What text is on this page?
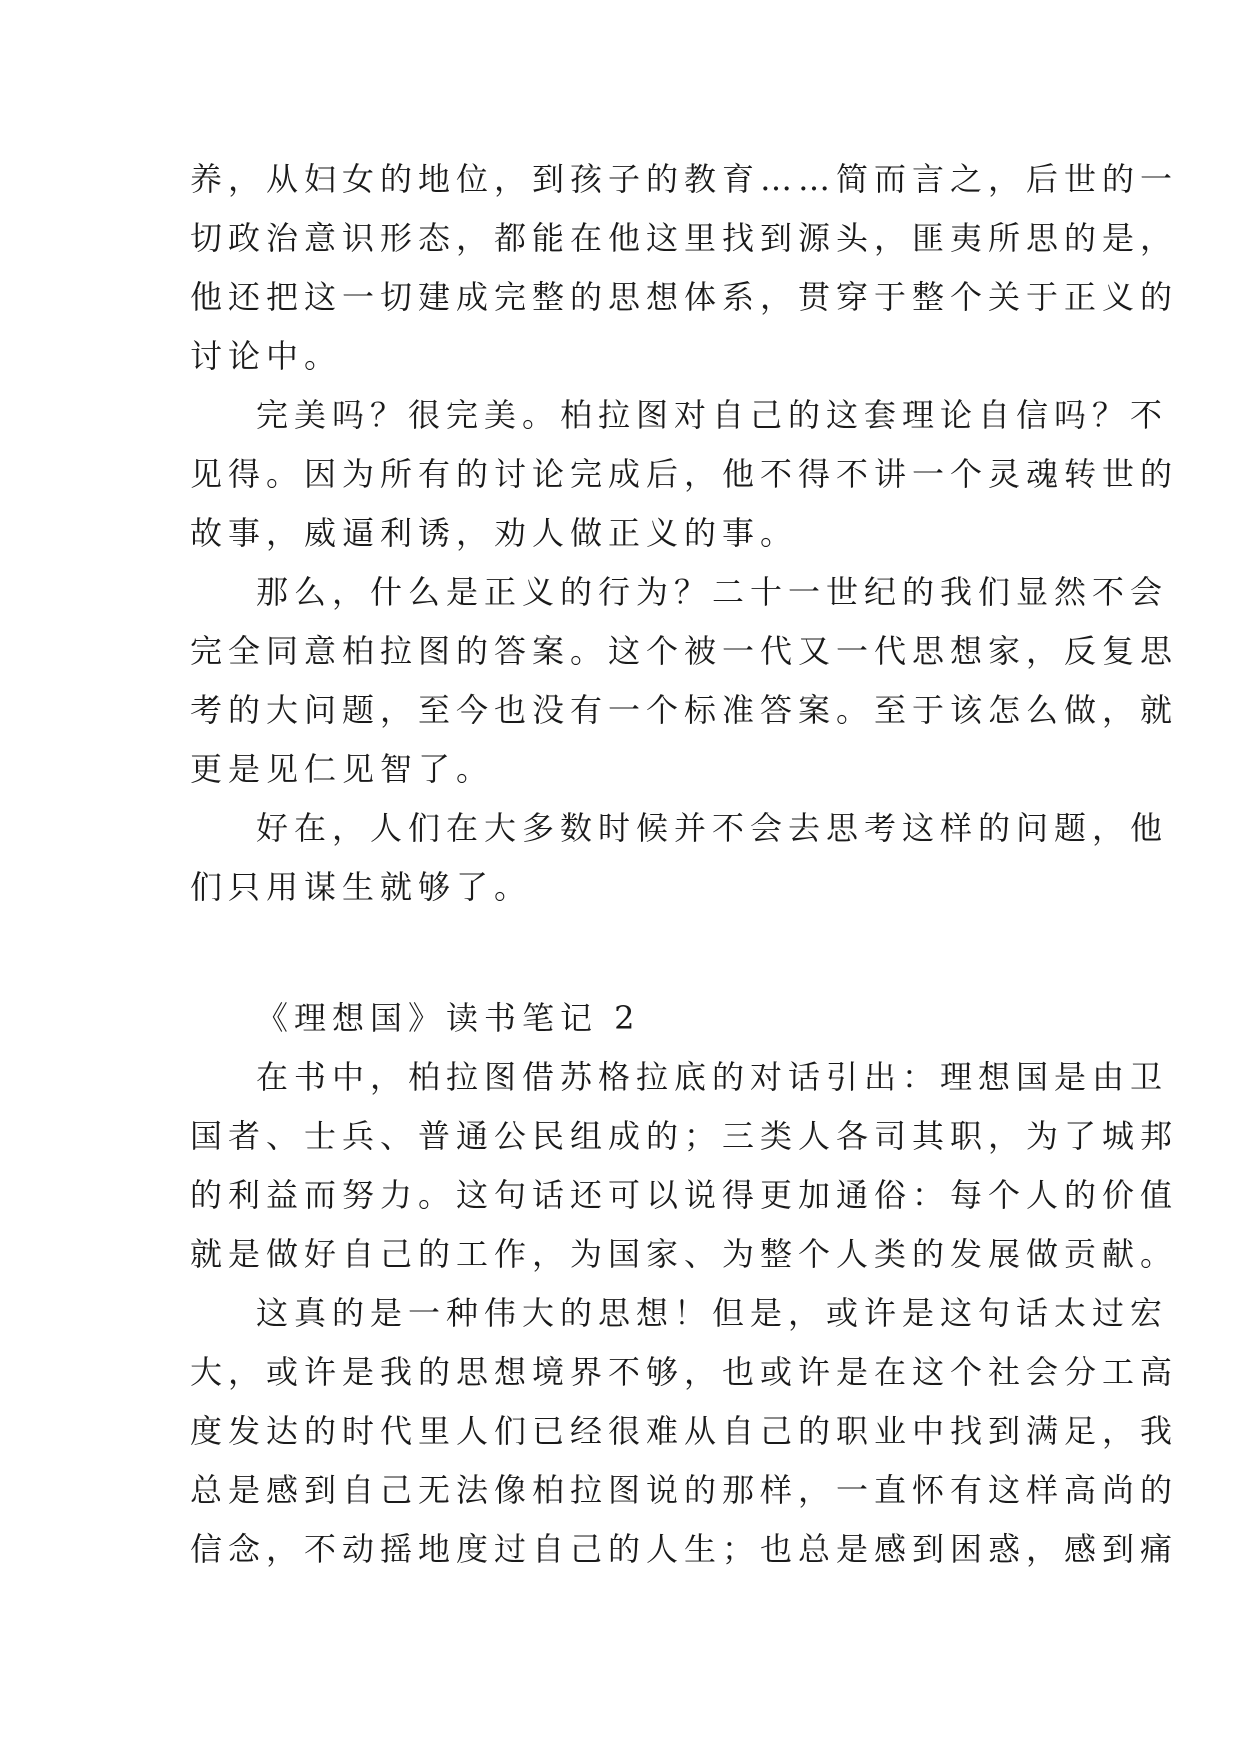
养，从妇女的地位，到孩子的教育……简而言之，后世的一
切政治意识形态，都能在他这里找到源头，匪夷所思的是，
他还把这一切建成完整的思想体系，贯穿于整个关于正义的
讨论中。
完美吗？很完美。柏拉图对自己的这套理论自信吗？不
见得。因为所有的讨论完成后，他不得不讲一个灵魂转世的
故事，威逼利诱，劝人做正义的事。
那么，什么是正义的行为？二十一世纪的我们显然不会
完全同意柏拉图的答案。这个被一代又一代思想家，反复思
考的大问题，至今也没有一个标准答案。至于该怎么做，就
更是见仁见智了。
好在，人们在大多数时候并不会去思考这样的问题，他
们只用谋生就够了。
《理想国》读书笔记 2
在书中，柏拉图借苏格拉底的对话引出：理想国是由卫
国者、士兵、普通公民组成的；三类人各司其职，为了城邦
的利益而努力。这句话还可以说得更加通俗：每个人的价值
就是做好自己的工作，为国家、为整个人类的发展做贡献。
这真的是一种伟大的思想！但是，或许是这句话太过宏
大，或许是我的思想境界不够，也或许是在这个社会分工高
度发达的时代里人们已经很难从自己的职业中找到满足，我
总是感到自己无法像柏拉图说的那样，一直怀有这样高尚的
信念，不动摇地度过自己的人生；也总是感到困惑，感到痛
